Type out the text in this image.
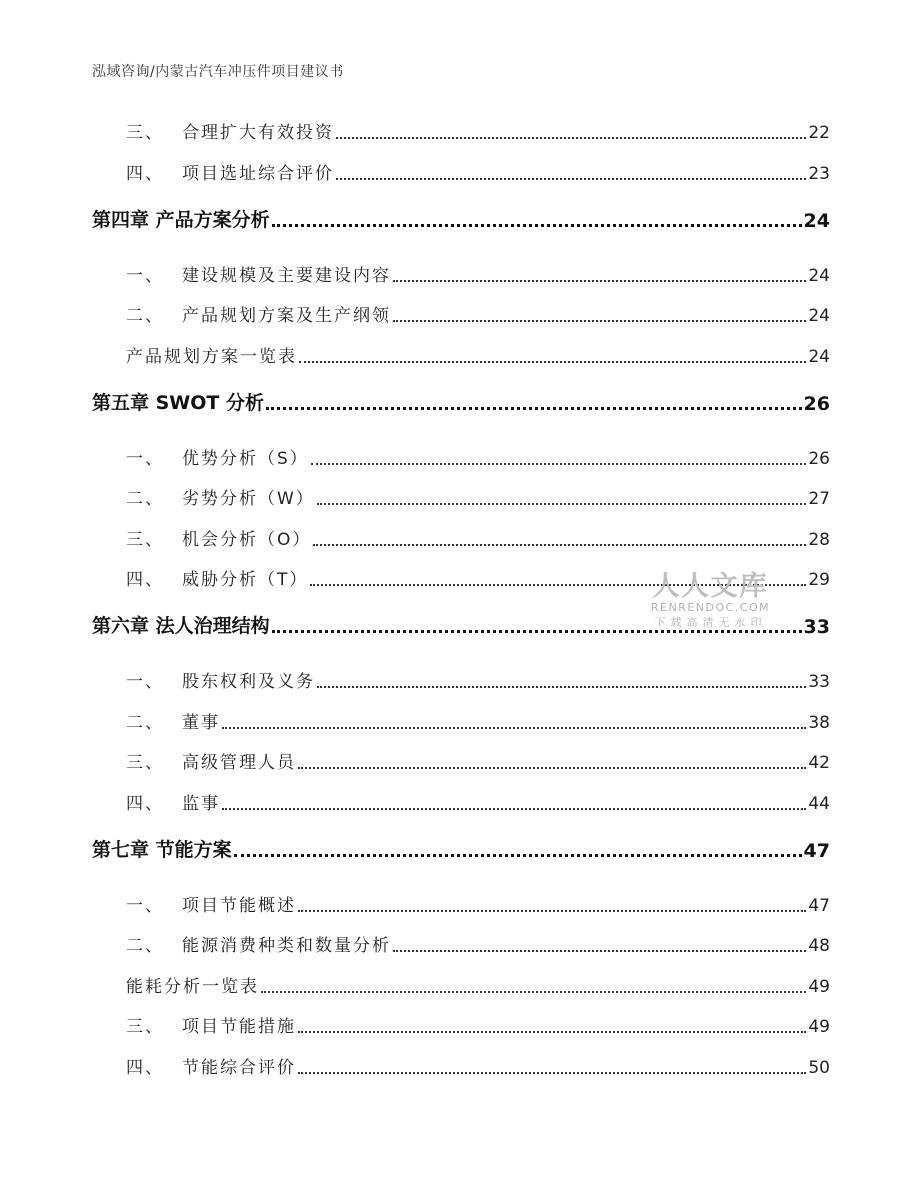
泓域咨询/内蒙古汽车冲压件项目建议书
三、	合理扩大有效投资	22
四、	项目选址综合评价	23
第四章 产品方案分析	24
一、	建设规模及主要建设内容	24
二、	产品规划方案及生产纲领	24
产品规划方案一览表	24
第五章 SWOT 分析	26
一、	优势分析（S）	26
二、	劣势分析（W）	27
三、	机会分析（O）	28
四、	威胁分析（T）	29
第六章 法人治理结构	33
一、	股东权利及义务	33
二、	董事	38
三、	高级管理人员	42
四、	监事	44
第七章 节能方案	47
一、	项目节能概述	47
二、	能源消费种类和数量分析	48
能耗分析一览表	49
三、	项目节能措施	49
四、	节能综合评价	50
人人文库
RENRENDOC.COM
下载高清无水印
